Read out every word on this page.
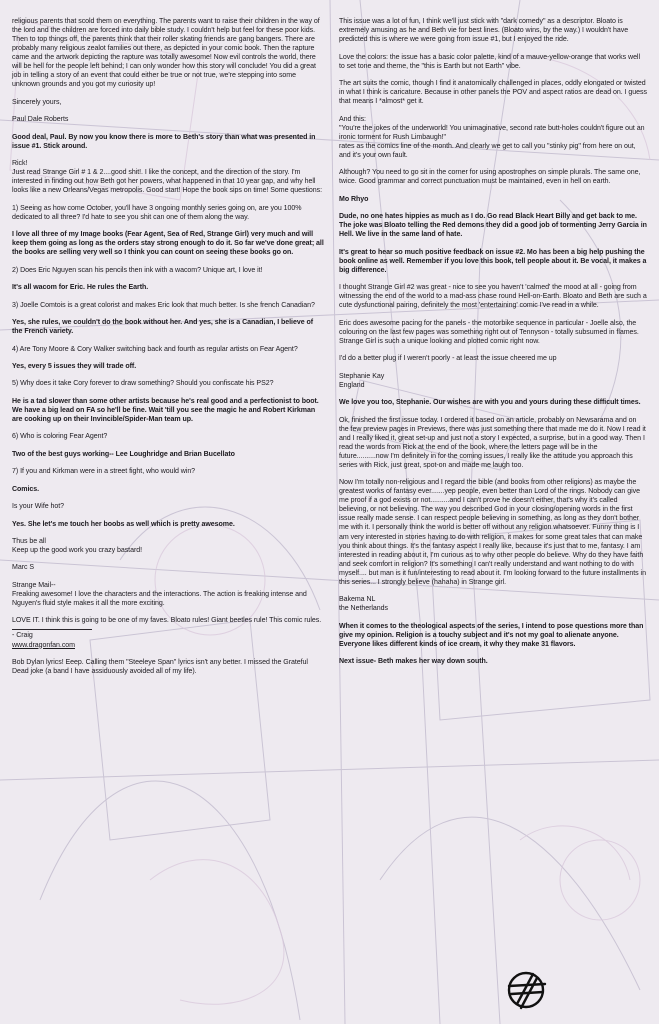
religious parents that scold them on everything. The parents want to raise their children in the way of the lord and the children are forced into daily bible study. I couldn't help but feel for these poor kids. Then to top things off, the parents think that their roller skating friends are gang bangers. There are probably many religious zealot families out there, as depicted in your comic book. Then the rapture came and the artwork depicting the rapture was totally awesome! Now evil controls the world, there will be hell for the people left behind; I can only wonder how this story will conclude! You did a great job in telling a story of an event that could either be true or not true, we're stepping into some unknown grounds and you got my curiosity up!

Sincerely yours,

Paul Dale Roberts

Good deal, Paul. By now you know there is more to Beth's story than what was presented in issue #1. Stick around.

Rick!
Just read Strange Girl # 1 & 2....good shit!. I like the concept, and the direction of the story. I'm interested in finding out how Beth got her powers, what happened in that 10 year gap, and why hell looks like a new Orleans/Vegas metropolis. Good start! Hope the book sips on time! Some questions:

1) Seeing as how come October, you'll have 3 ongoing monthly series going on, are you 100% dedicated to all three? I'd hate to see you shit can one of them along the way.

I love all three of my Image books (Fear Agent, Sea of Red, Strange Girl) very much and will keep them going as long as the orders stay strong enough to do it. So far we've done great; all the books are selling very well so I think you can count on seeing these books go on.

2) Does Eric Nguyen scan his pencils then ink with a wacom? Unique art, I love it!

It's all wacom for Eric. He rules the Earth.

3) Joelle Comtois is a great colorist and makes Eric look that much better. Is she french Canadian?

Yes, she rules, we couldn't do the book without her. And yes, she is a Canadian, I believe of the French variety.

4) Are Tony Moore & Cory Walker switching back and fourth as regular artists on Fear Agent?

Yes, every 5 issues they will trade off.

5) Why does it take Cory forever to draw something? Should you confiscate his PS2?

He is a tad slower than some other artists because he's real good and a perfectionist to boot. We have a big lead on FA so he'll be fine. Wait 'till you see the magic he and Robert Kirkman are cooking up on their Invincible/Spider-Man team up.

6) Who is coloring Fear Agent?

Two of the best guys working-- Lee Loughridge and Brian Bucellato

7) If you and Kirkman were in a street fight, who would win?

Comics.

Is your Wife hot?

Yes. She let's me touch her boobs as well which is pretty awesome.

Thus be all
Keep up the good work you crazy bastard!

Marc S

Strange Mail--
Freaking awesome! I love the characters and the interactions. The action is freaking intense and Nguyen's fluid style makes it all the more exciting.

LOVE IT. I think this is going to be one of my faves. Bloato rules! Giant beetles rule! This comic rules.

- Craig

www.dragonfan.com

Bob Dylan lyrics! Eeep. Calling them "Steeleye Span" lyrics isn't any better. I missed the Grateful Dead joke (a band I have assiduously avoided all of my life).

This issue was a lot of fun, I think we'll just stick with "dark comedy" as a descriptor. Bloato is extremely amusing as he and Beth vie for best lines. (Bloato wins, by the way.) I wouldn't have predicted this is where we were going from issue #1, but I enjoyed the ride.

Love the colors: the issue has a basic color palette, kind of a mauve-yellow-orange that works well to set tone and theme, the "this is Earth but not Earth" vibe.

The art suits the comic, though I find it anatomically challenged in places, oddly elongated or twisted in what I think is caricature. Because in other panels the POV and aspect ratios are dead on. I guess that means I *almost* get it.

And this:
"You're the jokes of the underworld! You unimaginative, second rate butt-holes couldn't figure out an ironic torment for Rush Limbaugh!"
rates as the comics line of the month. And clearly we get to call you "stinky pig" from here on out, and it's your own fault.

Although? You need to go sit in the corner for using apostrophes on simple plurals. The same one, twice. Good grammar and correct punctuation must be maintained, even in hell on earth.

Mo Rhyo

Dude, no one hates hippies as much as I do. Go read Black Heart Billy and get back to me. The joke was Bloato telling the Red demons they did a good job of tormenting Jerry Garcia in Hell. We live in the same land of hate.

It's great to hear so much positive feedback on issue #2. Mo has been a big help pushing the book online as well. Remember if you love this book, tell people about it. Be vocal, it makes a big difference.

I thought Strange Girl #2 was great - nice to see you haven't 'calmed' the mood at all - going from witnessing the end of the world to a mad-ass chase round Hell-on-Earth. Bloato and Beth are such a cute dysfunctional pairing, definitely the most 'entertaining' comic I've read in a while.

Eric does awesome pacing for the panels - the motorbike sequence in particular - Joelle also, the colouring on the last few pages was something right out of Tennyson - totally subsumed in flames. Strange Girl is such a unique looking and plotted comic right now.

I'd do a better plug if I weren't poorly - at least the issue cheered me up

Stephanie Kay
England

We love you too, Stephanie. Our wishes are with you and yours during these difficult times.

Ok, finished the first issue today. I ordered it based on an article, probably on Newsarama and on the few preview pages in Previews, there was just something there that made me do it. Now I read it and I really liked it, great set-up and just not a story I expected, a surprise, but in a good way. Then I read the words from Rick at the end of the book, where the letters page will be in the future..........now I'm definitely in for the coming issues, I really like the attitude you approach this series with Rick, just great, spot-on and made me laugh too.

Now I'm totally non-religious and I regard the bible (and books from other religions) as maybe the greatest works of fantasy ever.......yep people, even better than Lord of the rings. Nobody can give me proof if a god exists or not..........and I can't prove he doesn't either, that's why it's called believing, or not believing. The way you described God in your closing/opening words in the first issue really made sense. I can respect people believing in something, as long as they don't bother me with it. I personally think the world is better off without any religion whatsoever. Funny thing is I am very interested in stories having to do with religion, it makes for some great tales that can make you think about things. It's the fantasy aspect I really like, because it's just that to me, fantasy. I am interested in reading about it, I'm curious as to why other people do believe. Why do they have faith and seek comfort in religion? It's something I can't really understand and want nothing to do with myself.... but man is it fun/interesting to read about it. I'm looking forward to the future installments in this series... I strongly believe (hahaha) in Strange girl.

Bakema NL
the Netherlands

When it comes to the theological aspects of the series, I intend to pose questions more than give my opinion. Religion is a touchy subject and it's not my goal to alienate anyone. Everyone likes different kinds of ice cream, it why they make 31 flavors.

Next issue- Beth makes her way down south.
